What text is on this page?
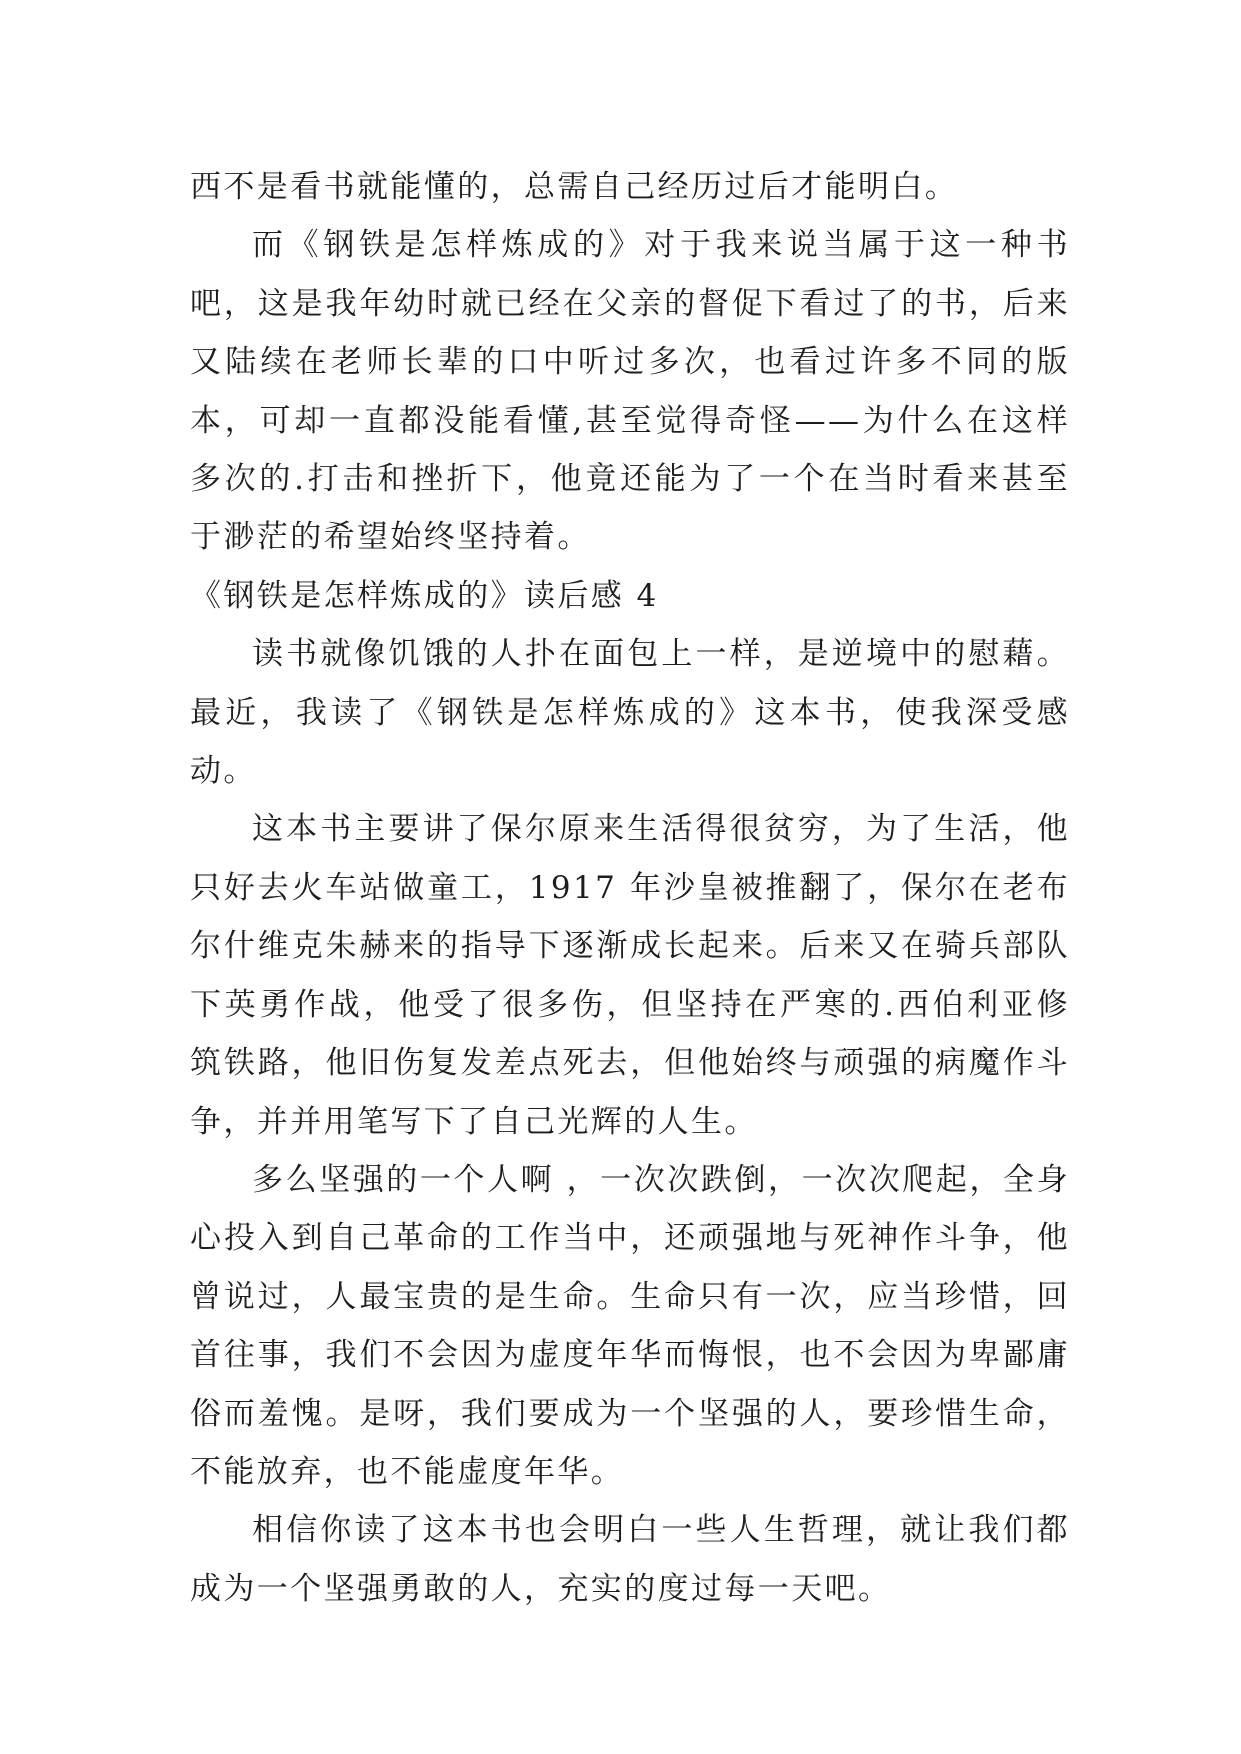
西不是看书就能懂的，总需自己经历过后才能明白。

而《钢铁是怎样炼成的》对于我来说当属于这一种书吧，这是我年幼时就已经在父亲的督促下看过了的书，后来又陆续在老师长辈的口中听过多次，也看过许多不同的版本，可却一直都没能看懂,甚至觉得奇怪——为什么在这样多次的.打击和挫折下，他竟还能为了一个在当时看来甚至于渺茫的希望始终坚持着。

《钢铁是怎样炼成的》读后感 4

读书就像饥饿的人扑在面包上一样，是逆境中的慰藉。最近，我读了《钢铁是怎样炼成的》这本书，使我深受感动。

这本书主要讲了保尔原来生活得很贫穷，为了生活，他只好去火车站做童工，1917 年沙皇被推翻了，保尔在老布尔什维克朱赫来的指导下逐渐成长起来。后来又在骑兵部队下英勇作战，他受了很多伤，但坚持在严寒的.西伯利亚修筑铁路，他旧伤复发差点死去，但他始终与顽强的病魔作斗争，并并用笔写下了自己光辉的人生。

多么坚强的一个人啊 ，一次次跌倒，一次次爬起，全身心投入到自己革命的工作当中，还顽强地与死神作斗争，他曾说过，人最宝贵的是生命。生命只有一次，应当珍惜，回首往事，我们不会因为虚度年华而悔恨，也不会因为卑鄙庸俗而羞愧。是呀，我们要成为一个坚强的人，要珍惜生命，不能放弃，也不能虚度年华。

相信你读了这本书也会明白一些人生哲理，就让我们都成为一个坚强勇敢的人，充实的度过每一天吧。
